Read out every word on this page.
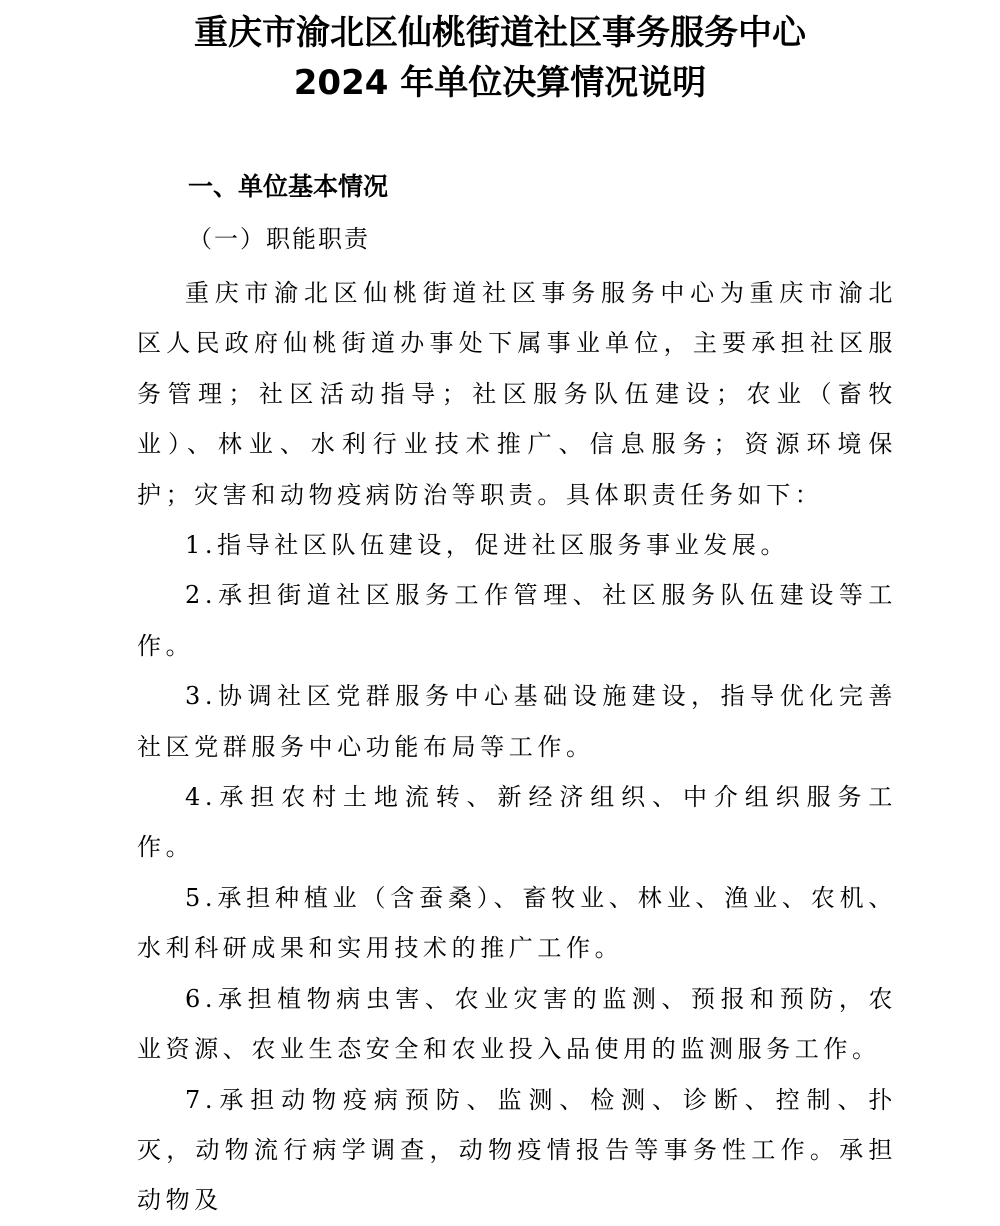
重庆市渝北区仙桃街道社区事务服务中心
2024 年单位决算情况说明
一、单位基本情况
（一）职能职责

重庆市渝北区仙桃街道社区事务服务中心为重庆市渝北区人民政府仙桃街道办事处下属事业单位，主要承担社区服务管理；社区活动指导；社区服务队伍建设；农业（畜牧业）、林业、水利行业技术推广、信息服务；资源环境保护；灾害和动物疫病防治等职责。具体职责任务如下：

1.指导社区队伍建设，促进社区服务事业发展。

2.承担街道社区服务工作管理、社区服务队伍建设等工作。

3.协调社区党群服务中心基础设施建设，指导优化完善社区党群服务中心功能布局等工作。

4.承担农村土地流转、新经济组织、中介组织服务工作。

5.承担种植业（含蚕桑）、畜牧业、林业、渔业、农机、水利科研成果和实用技术的推广工作。

6.承担植物病虫害、农业灾害的监测、预报和预防，农业资源、农业生态安全和农业投入品使用的监测服务工作。

7.承担动物疫病预防、监测、检测、诊断、控制、扑灭，动物流行病学调查，动物疫情报告等事务性工作。承担动物及
